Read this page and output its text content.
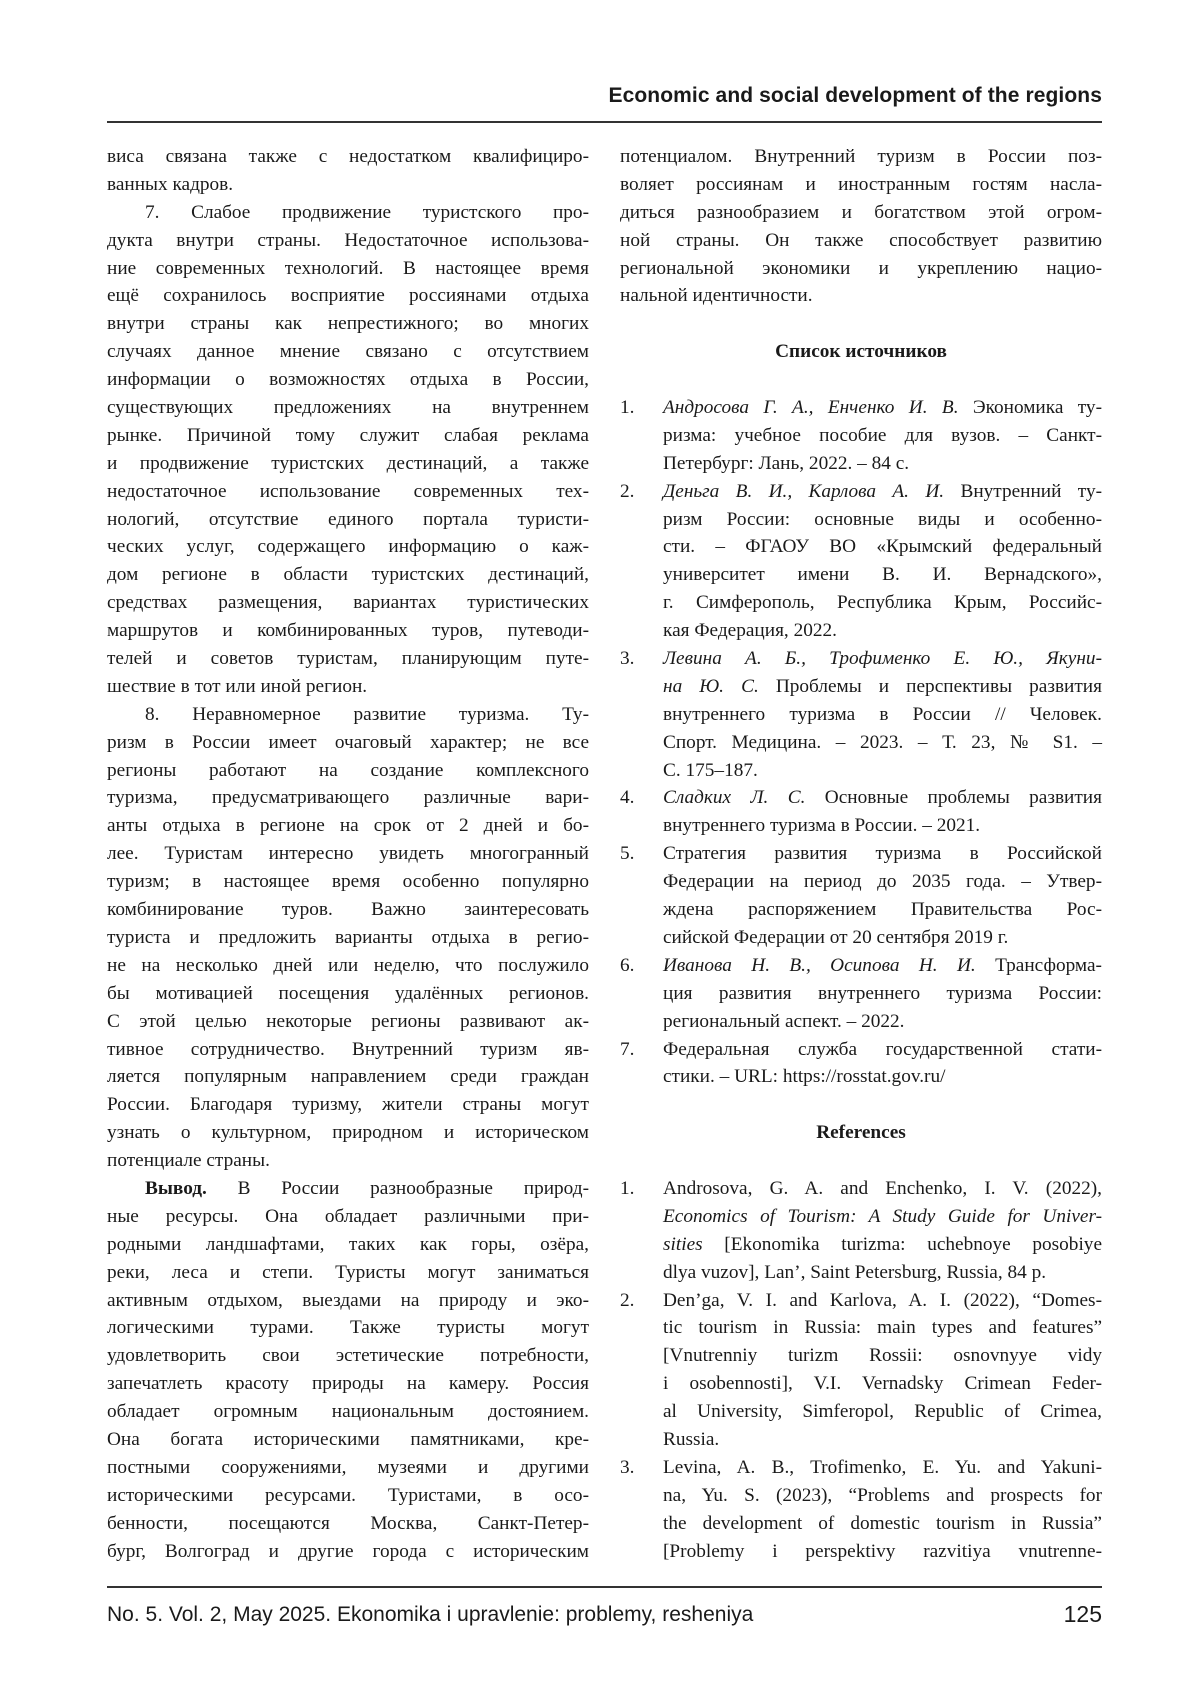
Economic and social development of the regions
виса связана также с недостатком квалифициро-
ванных кадров.
7. Слабое продвижение туристского про-
дукта внутри страны. Недостаточное использова-
ние современных технологий. В настоящее время
ещё сохранилось восприятие россиянами отдыха
внутри страны как непрестижного; во многих
случаях данное мнение связано с отсутствием
информации о возможностях отдыха в России,
существующих предложениях на внутреннем
рынке. Причиной тому служит слабая реклама
и продвижение туристских дестинаций, а также
недостаточное использование современных тех-
нологий, отсутствие единого портала туристи-
ческих услуг, содержащего информацию о каж-
дом регионе в области туристских дестинаций,
средствах размещения, вариантах туристических
маршрутов и комбинированных туров, путеводи-
телей и советов туристам, планирующим путе-
шествие в тот или иной регион.
8. Неравномерное развитие туризма. Ту-
ризм в России имеет очаговый характер; не все
регионы работают на создание комплексного
туризма, предусматривающего различные вари-
анты отдыха в регионе на срок от 2 дней и бо-
лее. Туристам интересно увидеть многогранный
туризм; в настоящее время особенно популярно
комбинирование туров. Важно заинтересовать
туриста и предложить варианты отдыха в регио-
не на несколько дней или неделю, что послужило
бы мотивацией посещения удалённых регионов.
С этой целью некоторые регионы развивают ак-
тивное сотрудничество. Внутренний туризм яв-
ляется популярным направлением среди граждан
России. Благодаря туризму, жители страны могут
узнать о культурном, природном и историческом
потенциале страны.
Вывод. В России разнообразные природ-
ные ресурсы. Она обладает различными при-
родными ландшафтами, таких как горы, озёра,
реки, леса и степи. Туристы могут заниматься
активным отдыхом, выездами на природу и эко-
логическими турами. Также туристы могут
удовлетворить свои эстетические потребности,
запечатлеть красоту природы на камеру. Россия
обладает огромным национальным достоянием.
Она богата историческими памятниками, кре-
постными сооружениями, музеями и другими
историческими ресурсами. Туристами, в осо-
бенности, посещаются Москва, Санкт-Петер-
бург, Волгоград и другие города с историческим
потенциалом. Внутренний туризм в России поз-
воляет россиянам и иностранным гостям насла-
диться разнообразием и богатством этой огром-
ной страны. Он также способствует развитию
региональной экономики и укреплению нацио-
нальной идентичности.
Список источников
1. Андросова Г. А., Енченко И. В. Экономика ту-
ризма: учебное пособие для вузов. – Санкт-
Петербург: Лань, 2022. – 84 с.
2. Деньга В. И., Карлова А. И. Внутренний ту-
ризм России: основные виды и особенно-
сти. – ФГАОУ ВО «Крымский федеральный
университет имени В. И. Вернадского»,
г. Симферополь, Республика Крым, Российс-
кая Федерация, 2022.
3. Левина А. Б., Трофименко Е. Ю., Якуни-
на Ю. С. Проблемы и перспективы развития
внутреннего туризма в России // Человек.
Спорт. Медицина. – 2023. – Т. 23, № S1. –
С. 175–187.
4. Сладких Л. С. Основные проблемы развития
внутреннего туризма в России. – 2021.
5. Стратегия развития туризма в Российской
Федерации на период до 2035 года. – Утвер-
ждена распоряжением Правительства Рос-
сийской Федерации от 20 сентября 2019 г.
6. Иванова Н. В., Осипова Н. И. Трансформа-
ция развития внутреннего туризма России:
региональный аспект. – 2022.
7. Федеральная служба государственной стати-
стики. – URL: https://rosstat.gov.ru/
References
1. Androsova, G. A. and Enchenko, I. V. (2022),
Economics of Tourism: A Study Guide for Univer-
sities [Ekonomika turizma: uchebnoye posobiye
dlya vuzov], Lan’, Saint Petersburg, Russia, 84 p.
2. Den’ga, V. I. and Karlova, A. I. (2022), “Domes-
tic tourism in Russia: main types and features”
[Vnutrenniy turizm Rossii: osnovnyye vidy
i osobennosti], V.I. Vernadsky Crimean Feder-
al University, Simferopol, Republic of Crimea,
Russia.
3. Levina, A. B., Trofimenko, E. Yu. and Yakuni-
na, Yu. S. (2023), “Problems and prospects for
the development of domestic tourism in Russia”
[Problemy i perspektivy razvitiya vnutrenne-
No. 5. Vol. 2, May 2025. Ekonomika i upravlenie: problemy, resheniya	125
